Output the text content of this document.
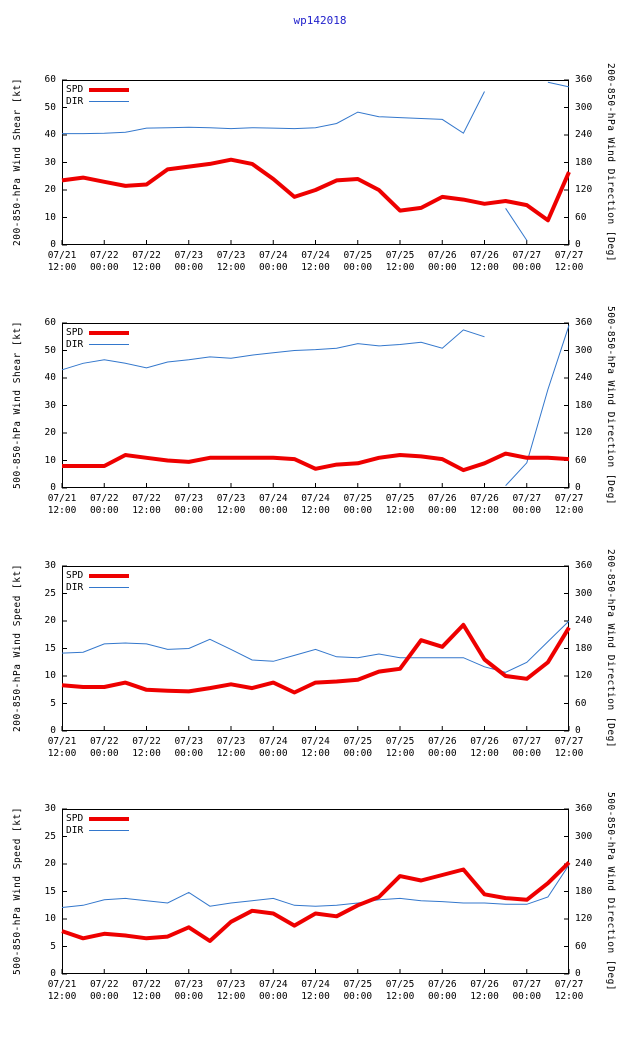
wp142018
200-850-hPa Wind Shear [kt]	200-850-hPa Wind Direction [Deg]
0
10
20
30
40
50
60
0
60
120
180
240
300
360
07/21
12:00
07/22
00:00
07/22
12:00
07/23
00:00
07/23
12:00
07/24
00:00
07/24
12:00
07/25
00:00
07/25
12:00
07/26
00:00
07/26
12:00
07/27
00:00
07/27
12:00
SPD
DIR
500-850-hPa Wind Shear [kt]	500-850-hPa Wind Direction [Deg]
0
10
20
30
40
50
60
0
60
120
180
240
300
360
07/21
12:00
07/22
00:00
07/22
12:00
07/23
00:00
07/23
12:00
07/24
00:00
07/24
12:00
07/25
00:00
07/25
12:00
07/26
00:00
07/26
12:00
07/27
00:00
07/27
12:00
SPD
DIR
200-850-hPa Wind Speed [kt]	200-850-hPa Wind Direction [Deg]
0
5
10
15
20
25
30
0
60
120
180
240
300
360
07/21
12:00
07/22
00:00
07/22
12:00
07/23
00:00
07/23
12:00
07/24
00:00
07/24
12:00
07/25
00:00
07/25
12:00
07/26
00:00
07/26
12:00
07/27
00:00
07/27
12:00
SPD
DIR
500-850-hPa Wind Speed [kt]	500-850-hPa Wind Direction [Deg]
0
5
10
15
20
25
30
0
60
120
180
240
300
360
07/21
12:00
07/22
00:00
07/22
12:00
07/23
00:00
07/23
12:00
07/24
00:00
07/24
12:00
07/25
00:00
07/25
12:00
07/26
00:00
07/26
12:00
07/27
00:00
07/27
12:00
SPD
DIR
